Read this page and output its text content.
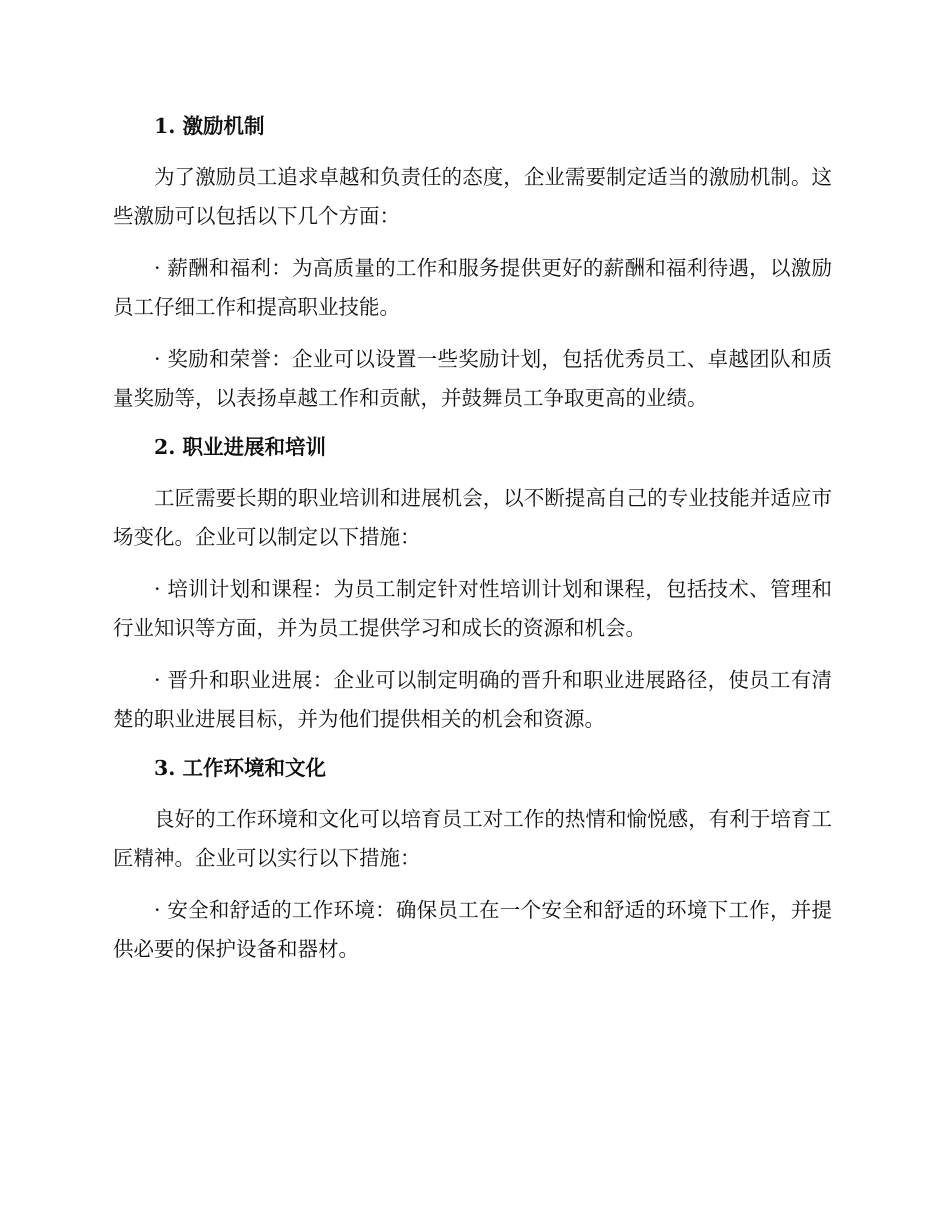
1. 激励机制
为了激励员工追求卓越和负责任的态度，企业需要制定适当的激励机制。这些激励可以包括以下几个方面：
· 薪酬和福利：为高质量的工作和服务提供更好的薪酬和福利待遇，以激励员工仔细工作和提高职业技能。
· 奖励和荣誉：企业可以设置一些奖励计划，包括优秀员工、卓越团队和质量奖励等，以表扬卓越工作和贡献，并鼓舞员工争取更高的业绩。
2. 职业进展和培训
工匠需要长期的职业培训和进展机会，以不断提高自己的专业技能并适应市场变化。企业可以制定以下措施：
· 培训计划和课程：为员工制定针对性培训计划和课程，包括技术、管理和行业知识等方面，并为员工提供学习和成长的资源和机会。
· 晋升和职业进展：企业可以制定明确的晋升和职业进展路径，使员工有清楚的职业进展目标，并为他们提供相关的机会和资源。
3. 工作环境和文化
良好的工作环境和文化可以培育员工对工作的热情和愉悦感，有利于培育工匠精神。企业可以实行以下措施：
· 安全和舒适的工作环境：确保员工在一个安全和舒适的环境下工作，并提供必要的保护设备和器材。
